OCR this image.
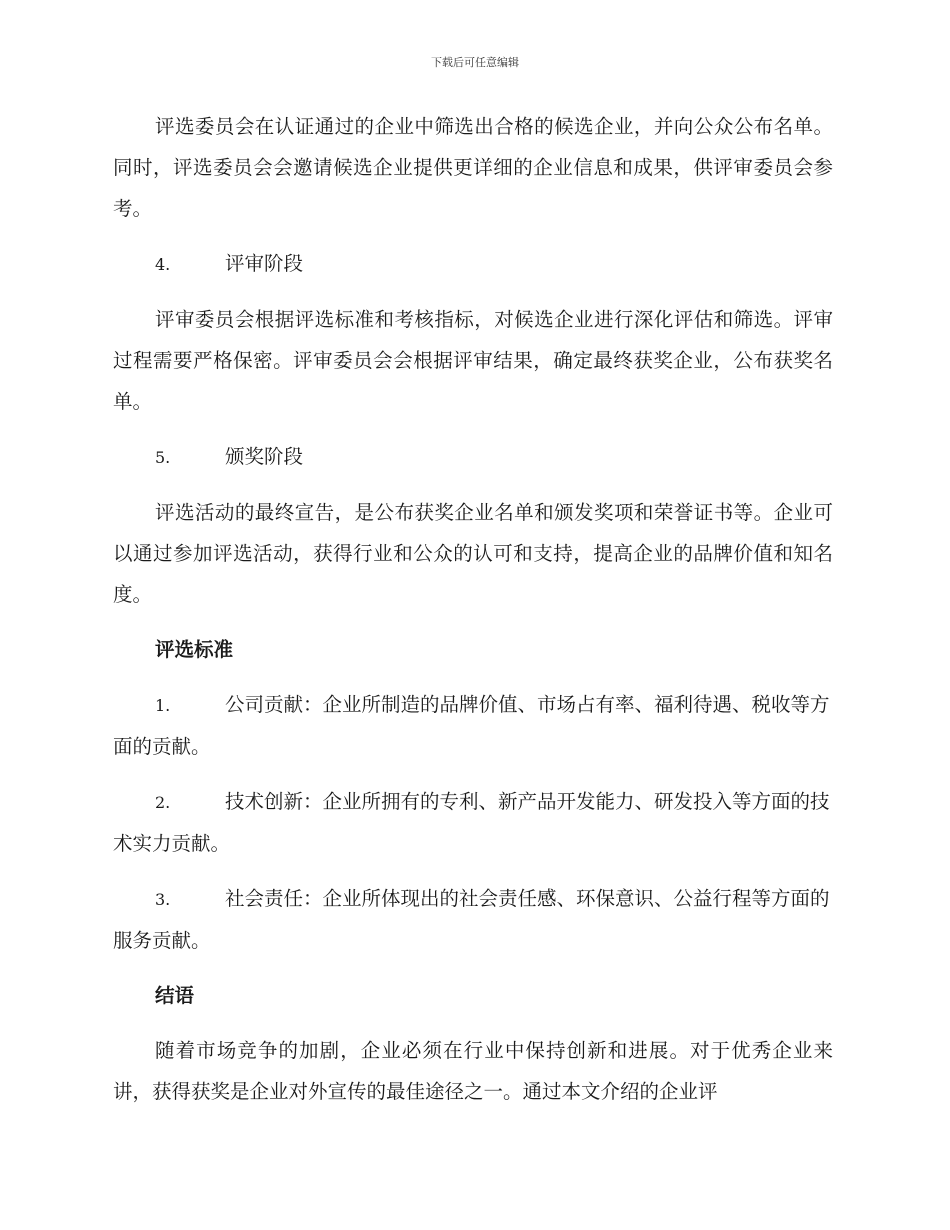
下载后可任意编辑

评选委员会在认证通过的企业中筛选出合格的候选企业，并向公众公布名单。同时，评选委员会会邀请候选企业提供更详细的企业信息和成果，供评审委员会参考。

4.	评审阶段

评审委员会根据评选标准和考核指标，对候选企业进行深化评估和筛选。评审过程需要严格保密。评审委员会会根据评审结果，确定最终获奖企业，公布获奖名单。

5.	颁奖阶段

评选活动的最终宣告，是公布获奖企业名单和颁发奖项和荣誉证书等。企业可以通过参加评选活动，获得行业和公众的认可和支持，提高企业的品牌价值和知名度。

评选标准
1.	公司贡献：企业所制造的品牌价值、市场占有率、福利待遇、税收等方面的贡献。
2.	技术创新：企业所拥有的专利、新产品开发能力、研发投入等方面的技术实力贡献。
3.	社会责任：企业所体现出的社会责任感、环保意识、公益行程等方面的服务贡献。
结语

随着市场竞争的加剧，企业必须在行业中保持创新和进展。对于优秀企业来讲，获得获奖是企业对外宣传的最佳途径之一。通过本文介绍的企业评
